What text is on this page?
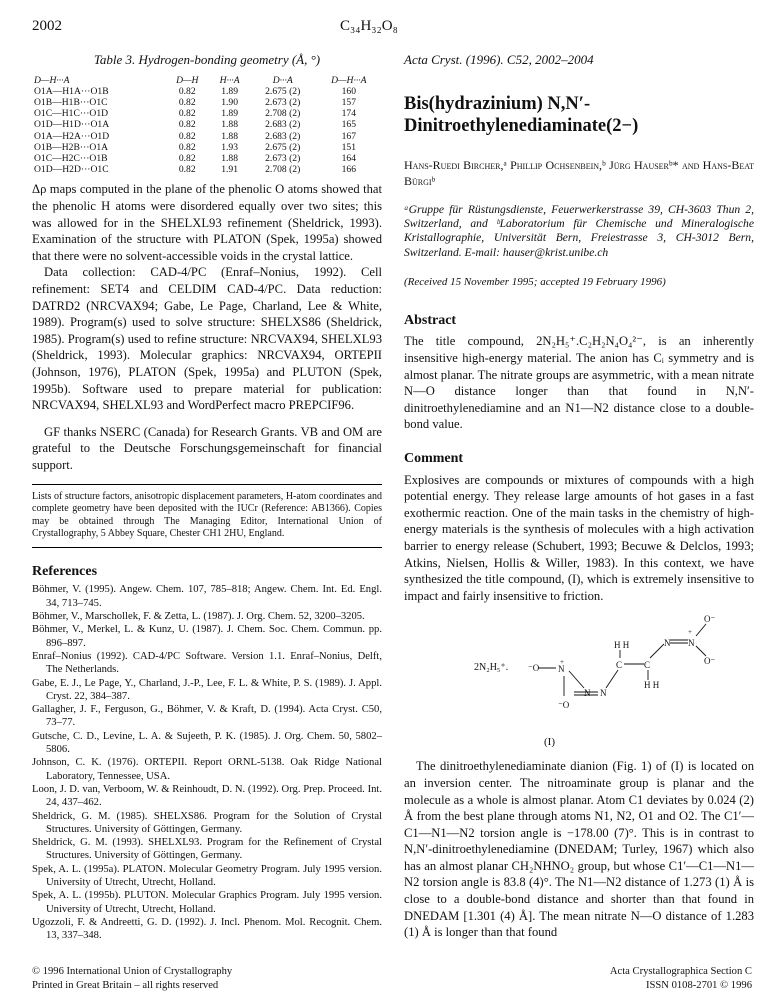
2002	C₃₄H₃₂O₈
Table 3. Hydrogen-bonding geometry (Å, °)
D—H···A	D—H	H···A	D···A	D—H···A
O1A—H1A···O1B	0.82	1.89	2.675 (2)	160
O1B—H1B···O1C	0.82	1.90	2.673 (2)	157
O1C—H1C···O1D	0.82	1.89	2.708 (2)	174
O1D—H1D···O1A	0.82	1.88	2.683 (2)	165
O1A—H2A···O1D	0.82	1.88	2.683 (2)	167
O1B—H2B···O1A	0.82	1.93	2.675 (2)	151
O1C—H2C···O1B	0.82	1.88	2.673 (2)	164
O1D—H2D···O1C	0.82	1.91	2.708 (2)	166

Δρ maps computed in the plane of the phenolic O atoms showed that the phenolic H atoms were disordered equally over two sites; this was allowed for in the SHELXL93 refinement (Sheldrick, 1993). Examination of the structure with PLATON (Spek, 1995a) showed that there were no solvent-accessible voids in the crystal lattice.

Data collection: CAD-4/PC (Enraf–Nonius, 1992). Cell refinement: SET4 and CELDIM CAD-4/PC. Data reduction: DATRD2 (NRCVAX94; Gabe, Le Page, Charland, Lee & White, 1989). Program(s) used to solve structure: SHELXS86 (Sheldrick, 1985). Program(s) used to refine structure: NRCVAX94, SHELXL93 (Sheldrick, 1993). Molecular graphics: NRCVAX94, ORTEPII (Johnson, 1976), PLATON (Spek, 1995a) and PLUTON (Spek, 1995b). Software used to prepare material for publication: NRCVAX94, SHELXL93 and WordPerfect macro PREPCIF96.

GF thanks NSERC (Canada) for Research Grants. VB and OM are grateful to the Deutsche Forschungsgemeinschaft for financial support.

Lists of structure factors, anisotropic displacement parameters, H-atom coordinates and complete geometry have been deposited with the IUCr (Reference: AB1366). Copies may be obtained through The Managing Editor, International Union of Crystallography, 5 Abbey Square, Chester CH1 2HU, England.

References
Böhmer, V. (1995). Angew. Chem. 107, 785–818; Angew. Chem. Int. Ed. Engl. 34, 713–745.
Böhmer, V., Marschollek, F. & Zetta, L. (1987). J. Org. Chem. 52, 3200–3205.
Böhmer, V., Merkel, L. & Kunz, U. (1987). J. Chem. Soc. Chem. Commun. pp. 896–897.
Enraf–Nonius (1992). CAD-4/PC Software. Version 1.1. Enraf–Nonius, Delft, The Netherlands.
Gabe, E. J., Le Page, Y., Charland, J.-P., Lee, F. L. & White, P. S. (1989). J. Appl. Cryst. 22, 384–387.
Gallagher, J. F., Ferguson, G., Böhmer, V. & Kraft, D. (1994). Acta Cryst. C50, 73–77.
Gutsche, C. D., Levine, L. A. & Sujeeth, P. K. (1985). J. Org. Chem. 50, 5802–5806.
Johnson, C. K. (1976). ORTEPII. Report ORNL-5138. Oak Ridge National Laboratory, Tennessee, USA.
Loon, J. D. van, Verboom, W. & Reinhoudt, D. N. (1992). Org. Prep. Proceed. Int. 24, 437–462.
Sheldrick, G. M. (1985). SHELXS86. Program for the Solution of Crystal Structures. University of Göttingen, Germany.
Sheldrick, G. M. (1993). SHELXL93. Program for the Refinement of Crystal Structures. University of Göttingen, Germany.
Spek, A. L. (1995a). PLATON. Molecular Geometry Program. July 1995 version. University of Utrecht, Utrecht, Holland.
Spek, A. L. (1995b). PLUTON. Molecular Graphics Program. July 1995 version. University of Utrecht, Utrecht, Holland.
Ugozzoli, F. & Andreetti, G. D. (1992). J. Incl. Phenom. Mol. Recognit. Chem. 13, 337–348.
© 1996 International Union of Crystallography
Printed in Great Britain – all rights reserved
Acta Cryst. (1996). C52, 2002–2004
Bis(hydrazinium) N,N′-Dinitroethylenediaminate(2−)
Hans-Ruedi Bircher,ᵃ Phillip Ochsenbein,ᵇ Jürg Hauserᵇ* and Hans-Beat Bürgiᵇ
ᵃGruppe für Rüstungsdienste, Feuerwerkerstrasse 39, CH-3603 Thun 2, Switzerland, and ᵇLaboratorium für Chemische und Mineralogische Kristallographie, Universität Bern, Freiestrasse 3, CH-3012 Bern, Switzerland. E-mail: hauser@krist.unibe.ch
(Received 15 November 1995; accepted 19 February 1996)
Abstract

The title compound, 2N₂H₅⁺.C₂H₂N₄O₄²⁻, is an inherently insensitive high-energy material. The anion has Cᵢ symmetry and is almost planar. The nitrate groups are asymmetric, with a mean nitrate N—O distance longer than that found in N,N′-dinitroethylenediamine and an N1—N2 distance close to a double-bond value.

Comment

Explosives are compounds or mixtures of compounds with a high potential energy. They release large amounts of hot gases in a fast exothermic reaction. One of the main tasks in the chemistry of high-energy materials is the synthesis of molecules with a high activation barrier to energy release (Schubert, 1993; Becuwe & Delclos, 1993; Atkins, Nielsen, Hollis & Willer, 1983). In this context, we have synthesized the title compound, (I), which is extremely insensitive to impact and fairly insensitive to friction.

2N₂H₅⁺. ⁻O N
+
⁻O
N N
C
H H
C
H H
N N
+
O⁻
O⁻
(I)

The dinitroethylenediaminate dianion (Fig. 1) of (I) is located on an inversion center. The nitroaminate group is planar and the molecule as a whole is almost planar. Atom C1 deviates by 0.024 (2) Å from the best plane through atoms N1, N2, O1 and O2. The C1′—C1—N1—N2 torsion angle is −178.00 (7)°. This is in contrast to N,N′-dinitroethylenediamine (DNEDAM; Turley, 1967) which also has an almost planar CH₂NHNO₂ group, but whose C1′—C1—N1—N2 torsion angle is 83.8 (4)°. The N1—N2 distance of 1.273 (1) Å is close to a double-bond distance and shorter than that found in DNEDAM [1.301 (4) Å]. The mean nitrate N—O distance of 1.283 (1) Å is longer than that found

Acta Crystallographica Section C
ISSN 0108-2701 © 1996
